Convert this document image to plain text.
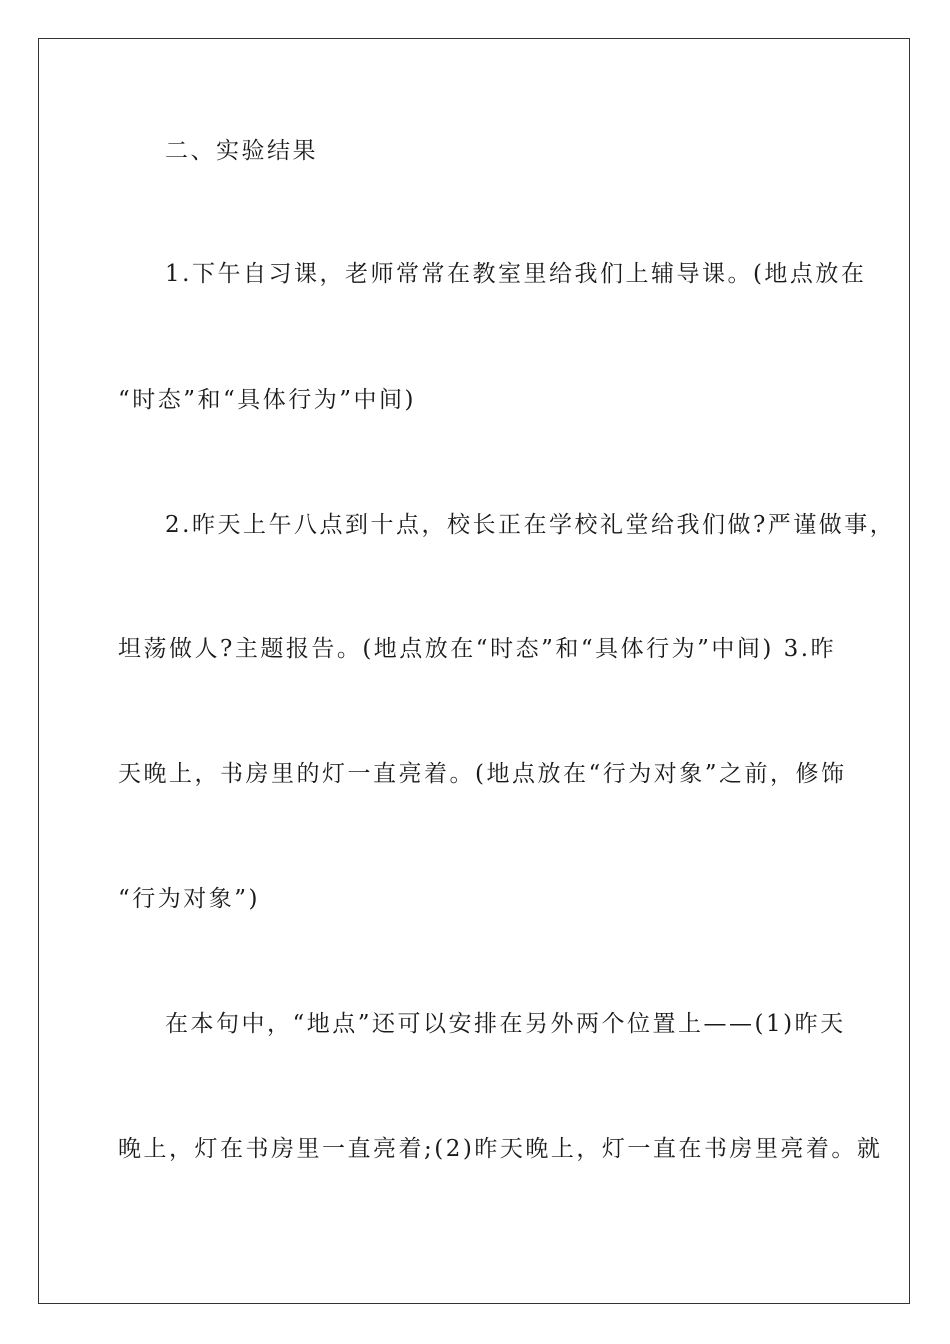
二、实验结果
1.下午自习课，老师常常在教室里给我们上辅导课。(地点放在
“时态”和“具体行为”中间)
2.昨天上午八点到十点，校长正在学校礼堂给我们做?严谨做事，
坦荡做人?主题报告。(地点放在“时态”和“具体行为”中间) 3.昨
天晚上，书房里的灯一直亮着。(地点放在“行为对象”之前，修饰
“行为对象”)
在本句中，“地点”还可以安排在另外两个位置上——(1)昨天
晚上，灯在书房里一直亮着;(2)昨天晚上，灯一直在书房里亮着。就
